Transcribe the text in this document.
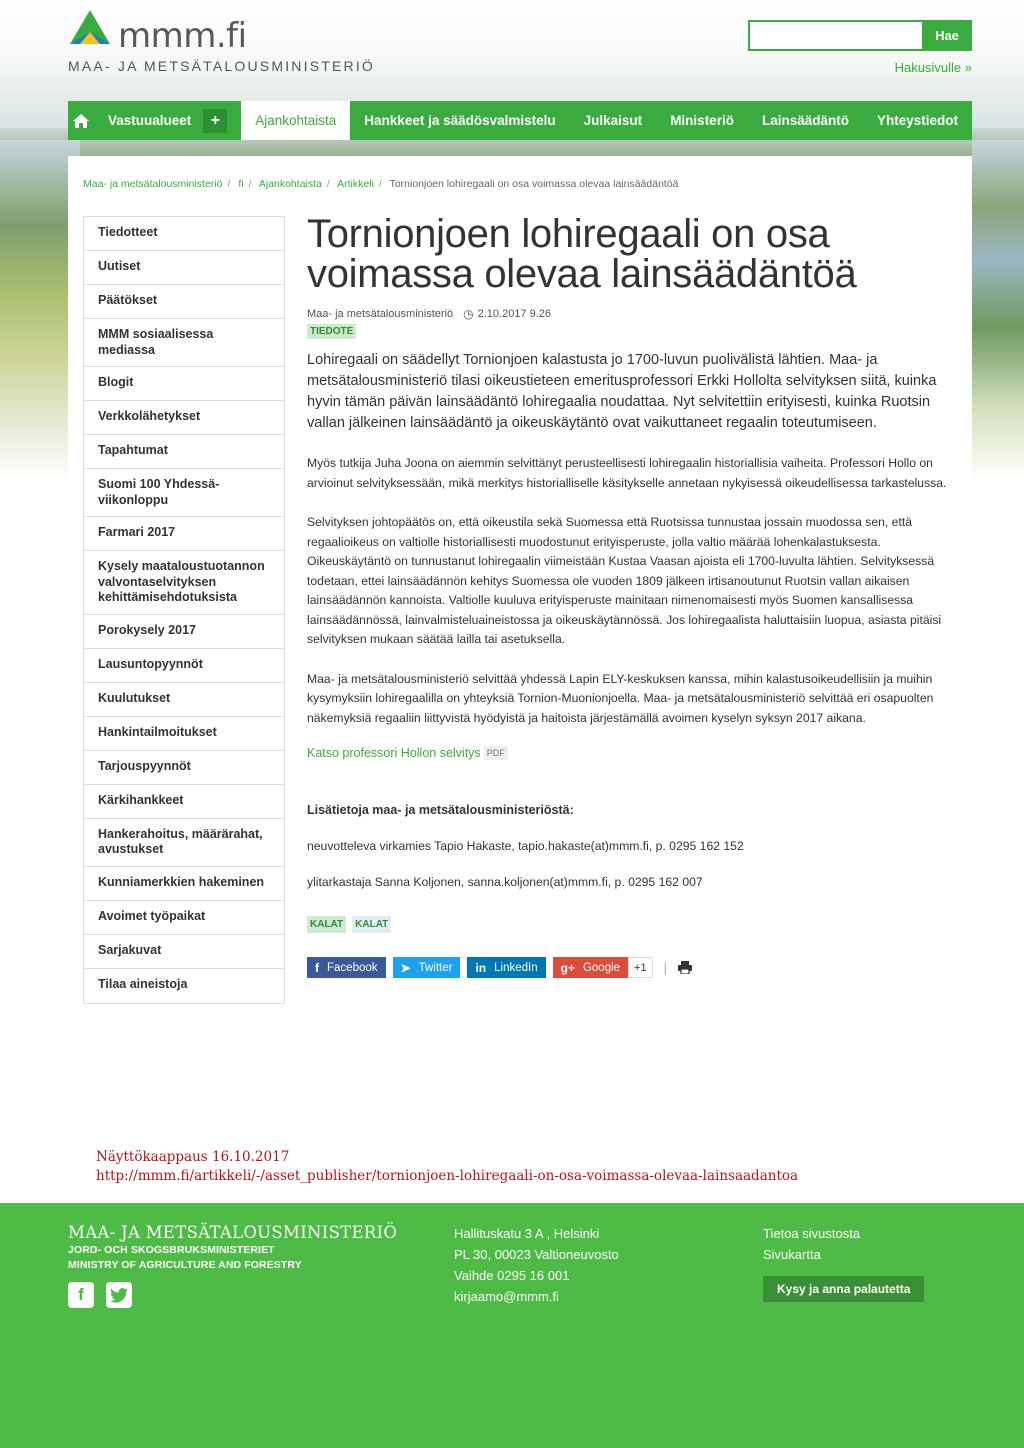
mmm.fi
MAA- JA METSÄTALOUSMINISTERIÖ
Hae
Hakusivulle »
Vastuualueet	+	Ajankohtaista	Hankkeet ja säädösvalmistelu	Julkaisut	Ministeriö	Lainsäädäntö	Yhteystiedot
Maa- ja metsätalousministeriö / fi / Ajankohtaista / Artikkeli / Tornionjoen lohiregaali on osa voimassa olevaa lainsäädäntöä
Tiedotteet
Uutiset
Päätökset
MMM sosiaalisessa mediassa
Blogit
Verkkolähetykset
Tapahtumat
Suomi 100 Yhdessä-viikonloppu
Farmari 2017
Kysely maataloustuotannon valvontaselvityksen kehittämisehdotuksista
Porokysely 2017
Lausuntopyynnöt
Kuulutukset
Hankintailmoitukset
Tarjouspyynnöt
Kärkihankkeet
Hankerahoitus, määrärahat, avustukset
Kunniamerkkien hakeminen
Avoimet työpaikat
Sarjakuvat
Tilaa aineistoja
Tornionjoen lohiregaali on osa voimassa olevaa lainsäädäntöä
Maa- ja metsätalousministeriö ◷ 2.10.2017 9.26
TIEDOTE
Lohiregaali on säädellyt Tornionjoen kalastusta jo 1700-luvun puolivälistä lähtien. Maa- ja metsätalousministeriö tilasi oikeustieteen emeritusprofessori Erkki Hollolta selvityksen siitä, kuinka hyvin tämän päivän lainsäädäntö lohiregaalia noudattaa. Nyt selvitettiin erityisesti, kuinka Ruotsin vallan jälkeinen lainsäädäntö ja oikeuskäytäntö ovat vaikuttaneet regaalin toteutumiseen.

Myös tutkija Juha Joona on aiemmin selvittänyt perusteellisesti lohiregaalin historiallisia vaiheita. Professori Hollo on arvioinut selvityksessään, mikä merkitys historialliselle käsitykselle annetaan nykyisessä oikeudellisessa tarkastelussa.

Selvityksen johtopäätös on, että oikeustila sekä Suomessa että Ruotsissa tunnustaa jossain muodossa sen, että regaalioikeus on valtiolle historiallisesti muodostunut erityisperuste, jolla valtio määrää lohenkalastuksesta. Oikeuskäytäntö on tunnustanut lohiregaalin viimeistään Kustaa Vaasan ajoista eli 1700-luvulta lähtien. Selvityksessä todetaan, ettei lainsäädännön kehitys Suomessa ole vuoden 1809 jälkeen irtisanoutunut Ruotsin vallan aikaisen lainsäädännön kannoista. Valtiolle kuuluva erityisperuste mainitaan nimenomaisesti myös Suomen kansallisessa lainsäädännössä, lainvalmisteluaineistossa ja oikeuskäytännössä. Jos lohiregaalista haluttaisiin luopua, asiasta pitäisi selvityksen mukaan säätää lailla tai asetuksella.

Maa- ja metsätalousministeriö selvittää yhdessä Lapin ELY-keskuksen kanssa, mihin kalastusoikeudellisiin ja muihin kysymyksiin lohiregaalilla on yhteyksiä Tornion-Muonionjoella. Maa- ja metsätalousministeriö selvittää eri osapuolten näkemyksiä regaaliin liittyvistä hyödyistä ja haitoista järjestämällä avoimen kyselyn syksyn 2017 aikana.

Katso professori Hollon selvitys PDF
Lisätietoja maa- ja metsätalousministeriöstä:
neuvotteleva virkamies Tapio Hakaste, tapio.hakaste(at)mmm.fi, p. 0295 162 152
ylitarkastaja Sanna Koljonen, sanna.koljonen(at)mmm.fi, p. 0295 162 007
KALAT	KALAT
f Facebook ➤ Twitter in LinkedIn g+ Google	+1	|
Näyttökaappaus 16.10.2017
http://mmm.fi/artikkeli/-/asset_publisher/tornionjoen-lohiregaali-on-osa-voimassa-olevaa-lainsaadantoa
MAA- JA METSÄTALOUSMINISTERIÖ
JORD- OCH SKOGSBRUKSMINISTERIET
MINISTRY OF AGRICULTURE AND FORESTRY
f
Hallituskatu 3 A , Helsinki
PL 30, 00023 Valtioneuvosto
Vaihde 0295 16 001
kirjaamo@mmm.fi
Tietoa sivustosta
Sivukartta
Kysy ja anna palautetta
